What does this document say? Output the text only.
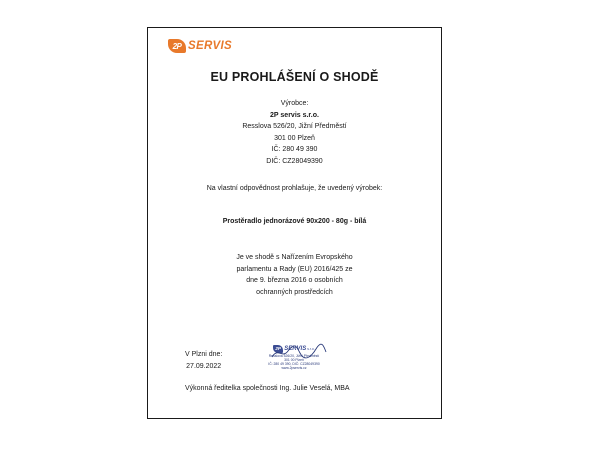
2P SERVIS
EU PROHLÁŠENÍ O SHODĚ
Výrobce:
2P servis s.r.o.
Resslova 526/20, Jižní Předměstí
301 00 Plzeň
IČ: 280 49 390
DIČ: CZ28049390
Na vlastní odpovědnost prohlašuje, že uvedený výrobek:
Prostěradlo jednorázové 90x200 - 80g - bílá
Je ve shodě s Nařízením Evropského
parlamentu a Rady (EU) 2016/425 ze
dne 9. března 2016 o osobních
ochranných prostředcích
V Plzni dne:
27.09.2022
2P SERVIS s.r.o.
Resslova 526/20, Jižní Předměstí
301 00 Plzeň
IČ: 280 49 390, DIČ: CZ28049390
www.2pservis.cz
Výkonná ředitelka společnosti Ing. Julie Veselá, MBA
